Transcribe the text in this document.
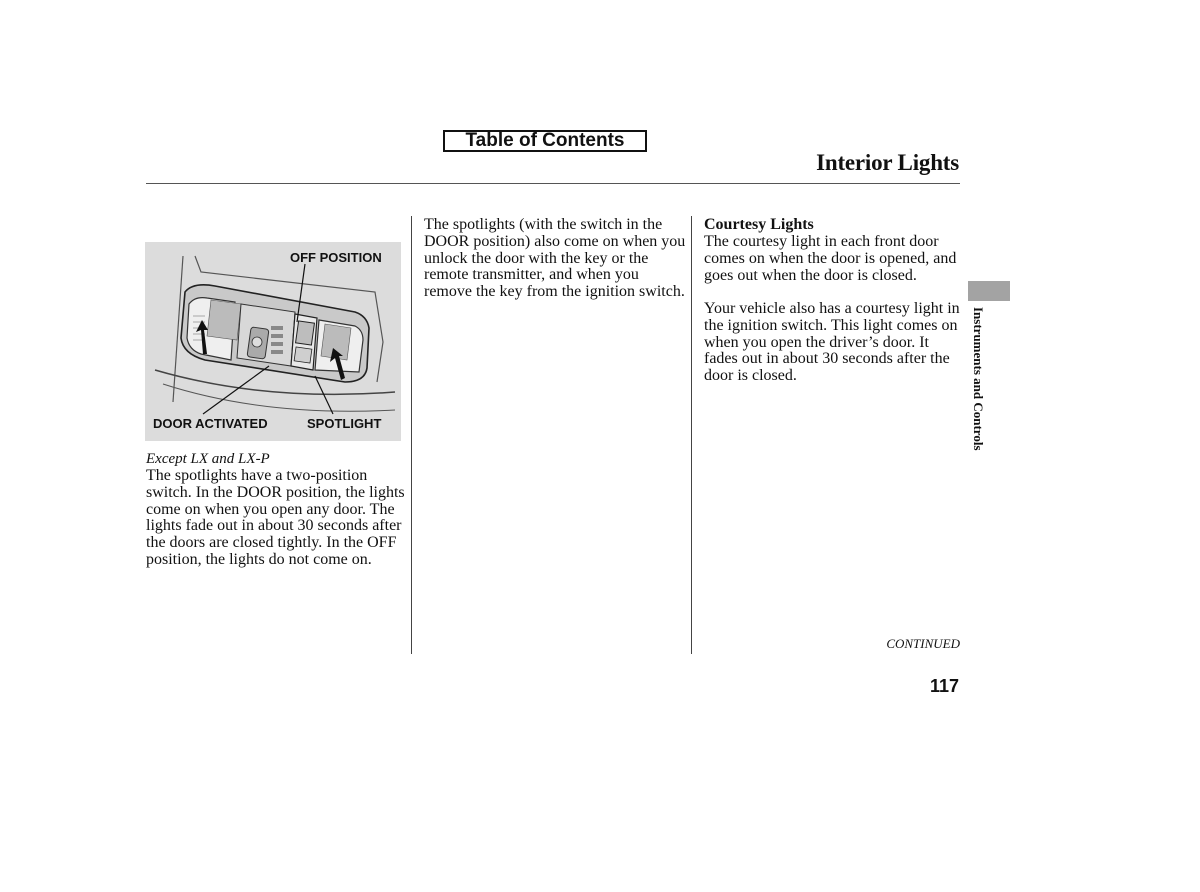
Table of Contents
Interior Lights
OFF POSITION
DOOR ACTIVATED	SPOTLIGHT

Except LX and LX-P

The spotlights have a two-position switch. In the DOOR position, the lights come on when you open any door. The lights fade out in about 30 seconds after the doors are closed tightly. In the OFF position, the lights do not come on.

The spotlights (with the switch in the DOOR position) also come on when you unlock the door with the key or the remote transmitter, and when you remove the key from the ignition switch.

Courtesy Lights

The courtesy light in each front door comes on when the door is opened, and goes out when the door is closed.

Your vehicle also has a courtesy light in the ignition switch. This light comes on when you open the driver’s door. It fades out in about 30 seconds after the door is closed.

CONTINUED
117
Instruments and Controls
